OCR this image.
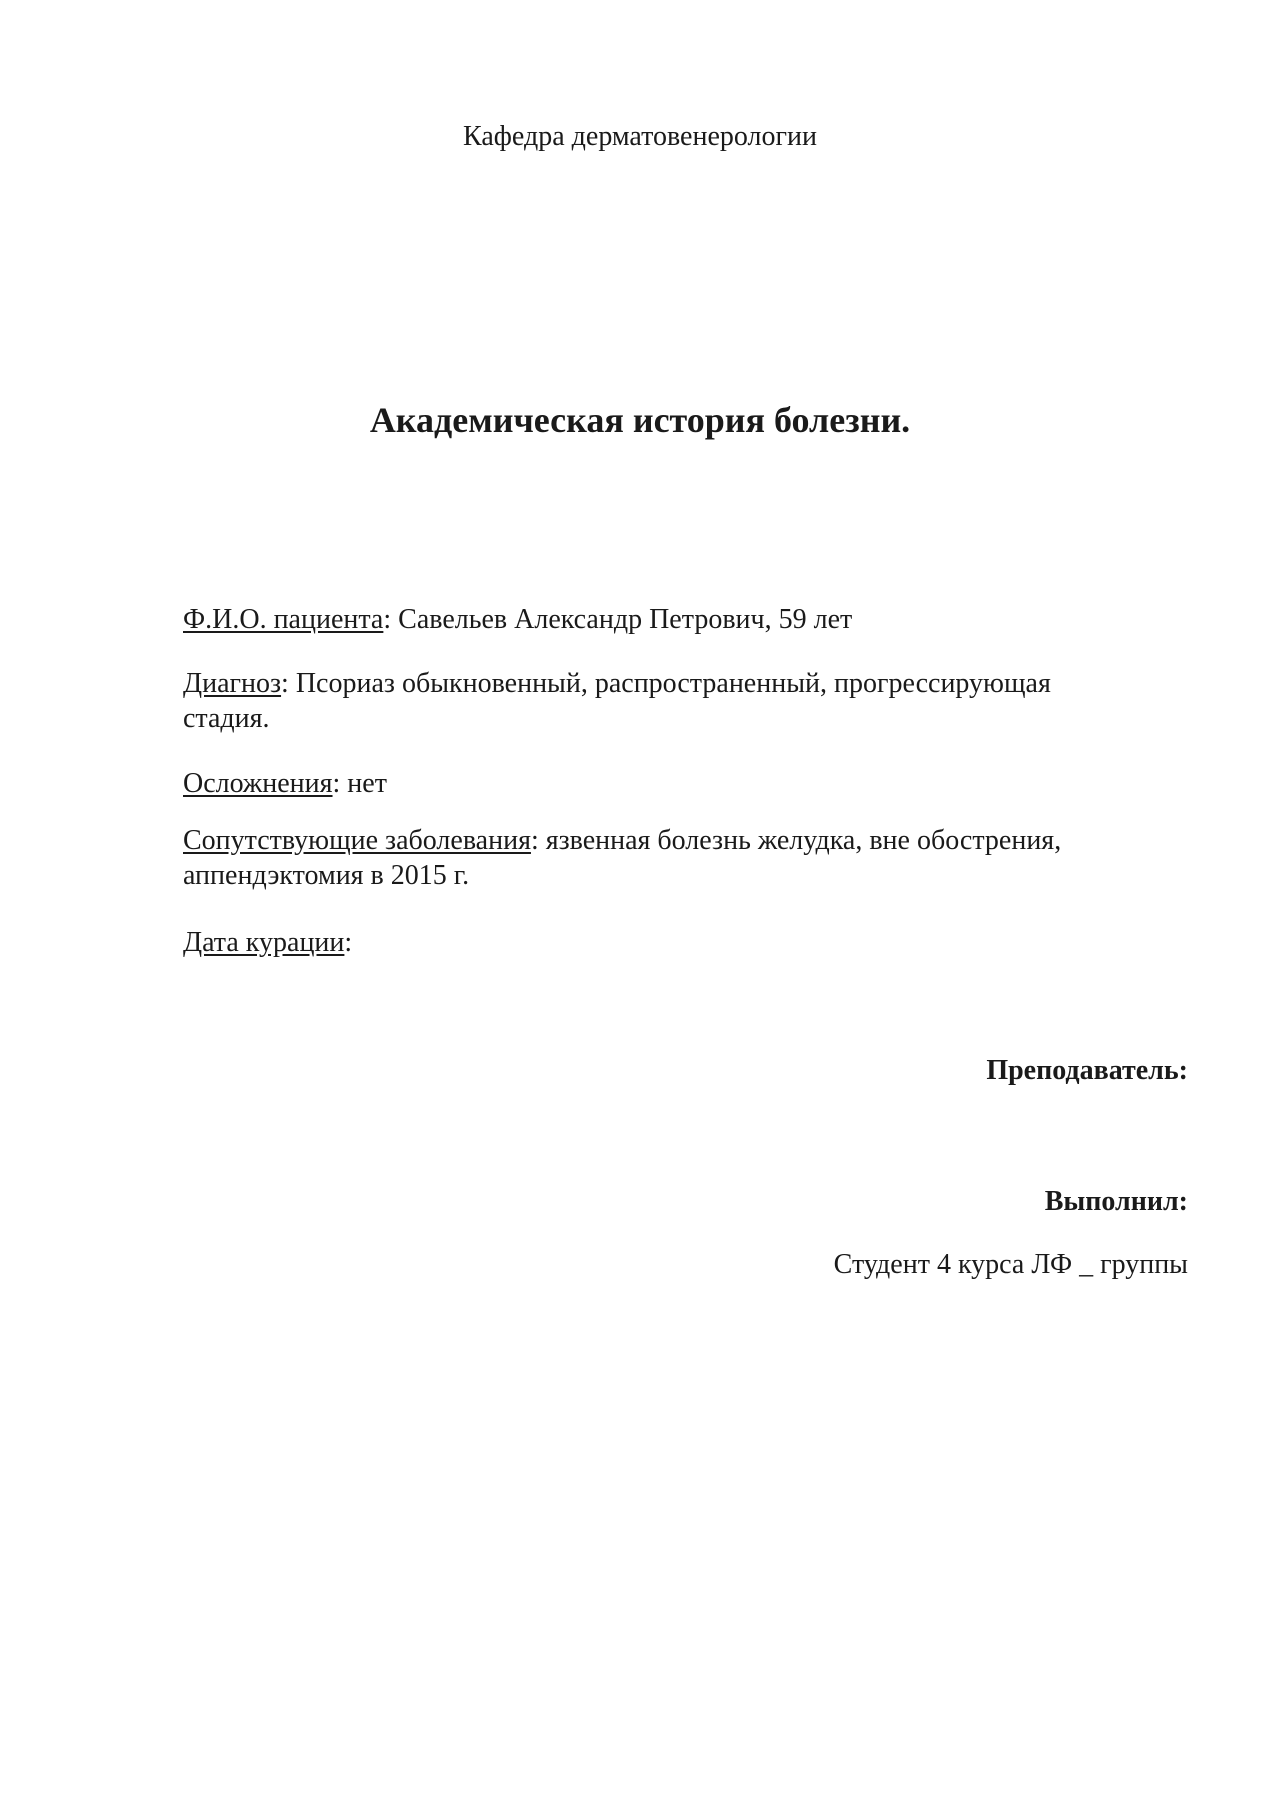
Кафедра дерматовенерологии
Академическая история болезни.
Ф.И.О. пациента: Савельев Александр Петрович, 59 лет
Диагноз: Псориаз обыкновенный, распространенный, прогрессирующая стадия.
Осложнения: нет
Сопутствующие заболевания: язвенная болезнь желудка, вне обострения, аппендэктомия в 2015 г.
Дата курации:
Преподаватель:
Выполнил:
Студент 4 курса ЛФ _ группы
